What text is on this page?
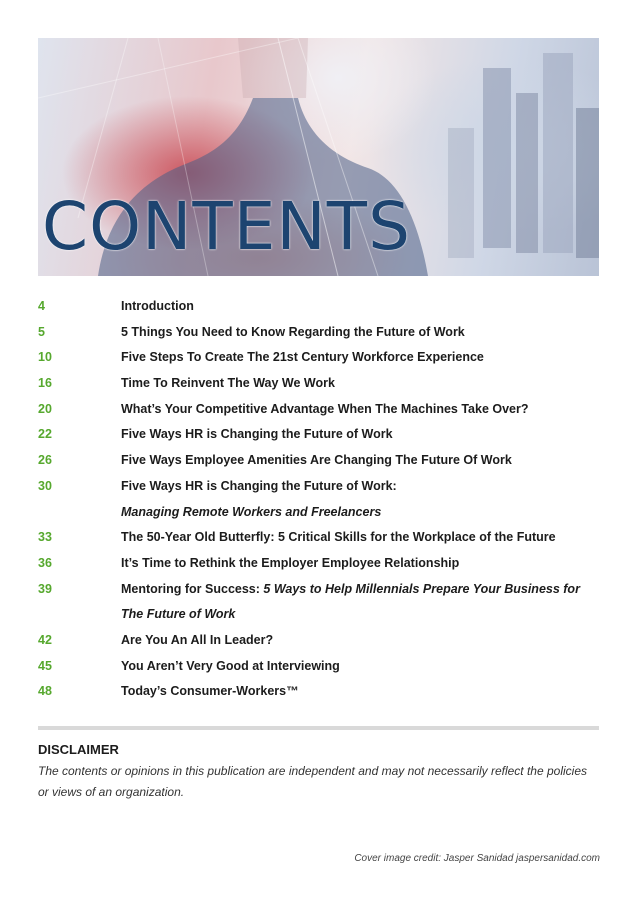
CONTENTS
4	Introduction
5	5 Things You Need to Know Regarding the Future of Work
10	Five Steps To Create The 21st Century Workforce Experience
16	Time To Reinvent The Way We Work
20	What’s Your Competitive Advantage When The Machines Take Over?
22	Five Ways HR is Changing the Future of Work
26	Five Ways Employee Amenities Are Changing The Future Of Work
30	Five Ways HR is Changing the Future of Work:
Managing Remote Workers and Freelancers
33	The 50-Year Old Butterfly: 5 Critical Skills for the Workplace of the Future
36	It’s Time to Rethink the Employer Employee Relationship
39	Mentoring for Success: 5 Ways to Help Millennials Prepare Your Business for
The Future of Work
42	Are You An All In Leader?
45	You Aren’t Very Good at Interviewing
48	Today’s Consumer-Workers™
DISCLAIMER
The contents or opinions in this publication are independent and may not necessarily reflect the policies or views of an organization.
Cover image credit: Jasper Sanidad jaspersanidad.com
